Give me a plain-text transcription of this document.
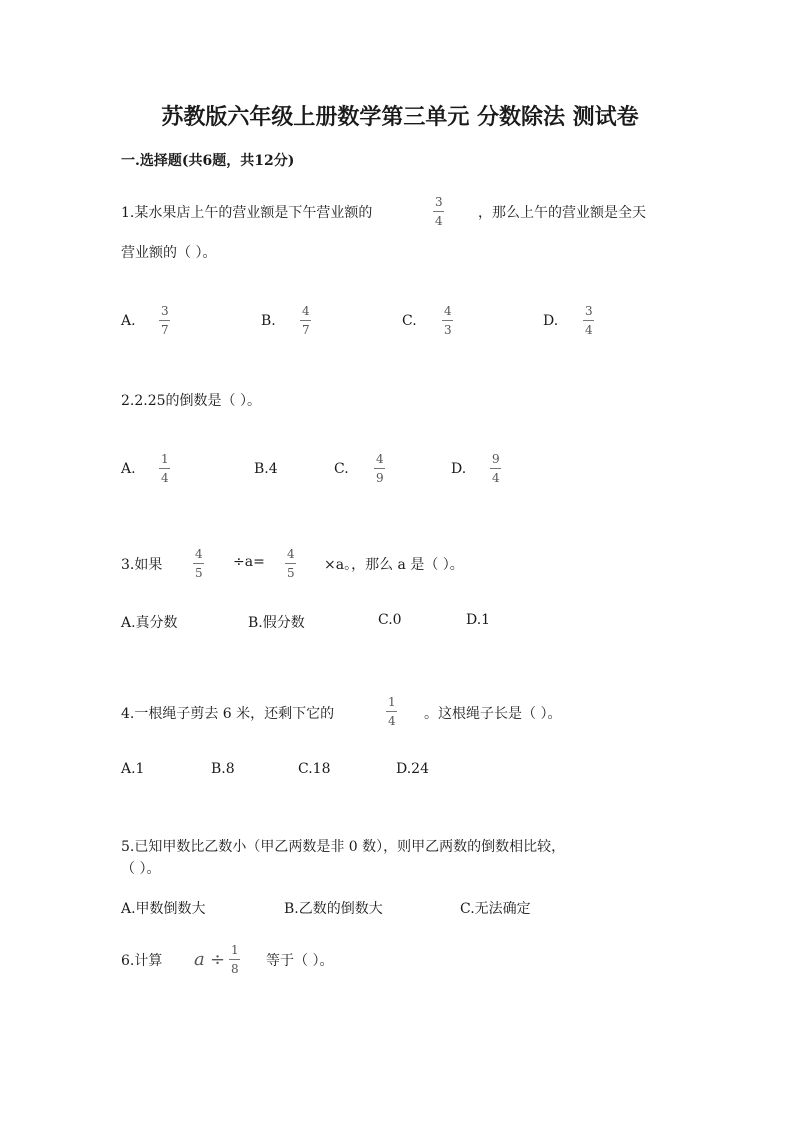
苏教版六年级上册数学第三单元 分数除法 测试卷
一.选择题(共6题，共12分)
1.某水果店上午的营业额是下午营业额的
3
4	，那么上午的营业额是全天
营业额的（ ）。
A.
3
7
B.
4
7
C.
4
3
D.
3
4
2.2.25的倒数是（ ）。
A.
1
4
B.4	C.
4
9
D.
9
4
3.如果
4
5
÷a= 4
5 ×a。，那么 a 是（ ）。
A.真分数	B.假分数	C.0	D.1
4.一根绳子剪去 6 米，还剩下它的
1
4 。这根绳子长是（ ）。
A.1	B.8	C.18	D.24
5.已知甲数比乙数小（甲乙两数是非 0 数），则甲乙两数的倒数相比较，
（ ）。
A.甲数倒数大	B.乙数的倒数大	C.无法确定
6.计算 a ÷ 1
8 等于（ ）。
